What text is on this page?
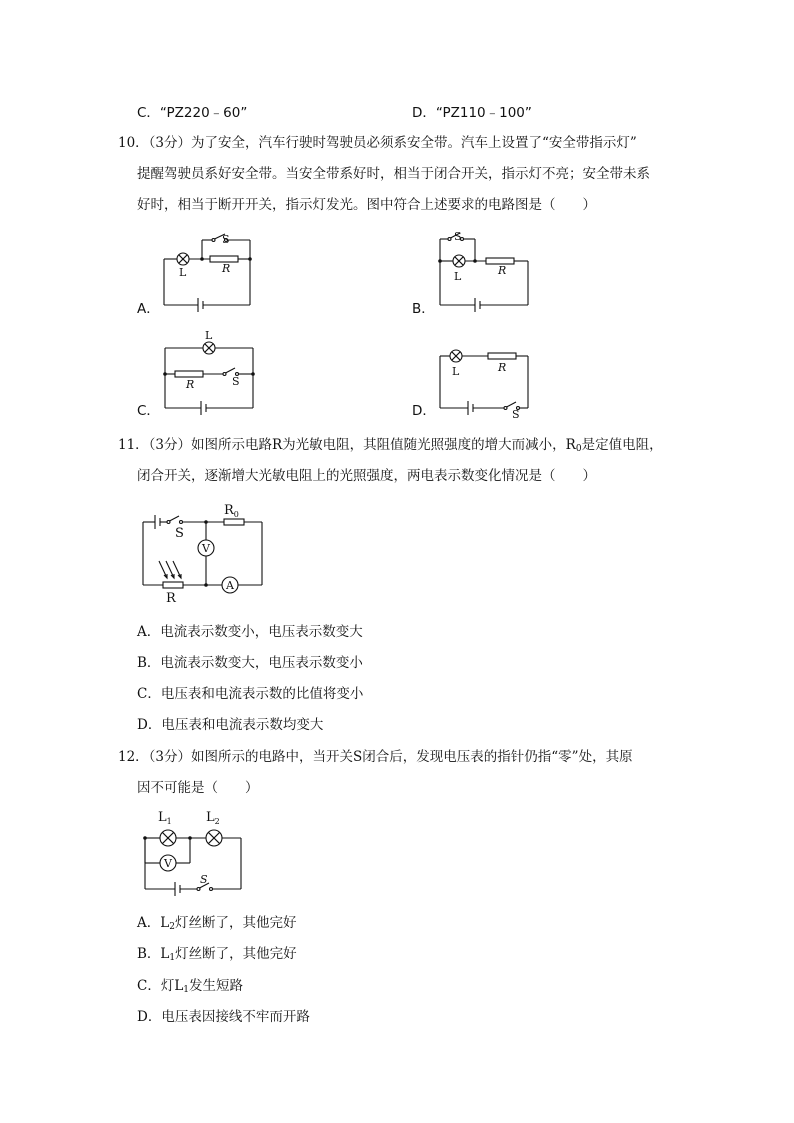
C．“PZ220﹣60”	D．“PZ110﹣100”
10．（3分）为了安全，汽车行驶时驾驶员必须系安全带。汽车上设置了“安全带指示灯”
提醒驾驶员系好安全带。当安全带系好时，相当于闭合开关，指示灯不亮；安全带未系
好时，相当于断开开关，指示灯发光。图中符合上述要求的电路图是（　　）
L	R
S
A．
L	R
S
B．
L
R	S
C．
L	R
S
D．
11．（3分）如图所示电路R为光敏电阻，其阻值随光照强度的增大而减小，$R_0$是定值电阻，
闭合开关，逐渐增大光敏电阻上的光照强度，两电表示数变化情况是（　　）
$R_0$
S
V
A
R
A．电流表示数变小，电压表示数变大
B．电流表示数变大，电压表示数变小
C．电压表和电流表示数的比值将变小
D．电压表和电流表示数均变大
12．（3分）如图所示的电路中，当开关S闭合后，发现电压表的指针仍指“零”处，其原
因不可能是（　　）
$L_1$	$L_2$
V
S
A．$L_2$灯丝断了，其他完好
B．$L_1$灯丝断了，其他完好
C．灯$L_1$发生短路
D．电压表因接线不牢而开路
